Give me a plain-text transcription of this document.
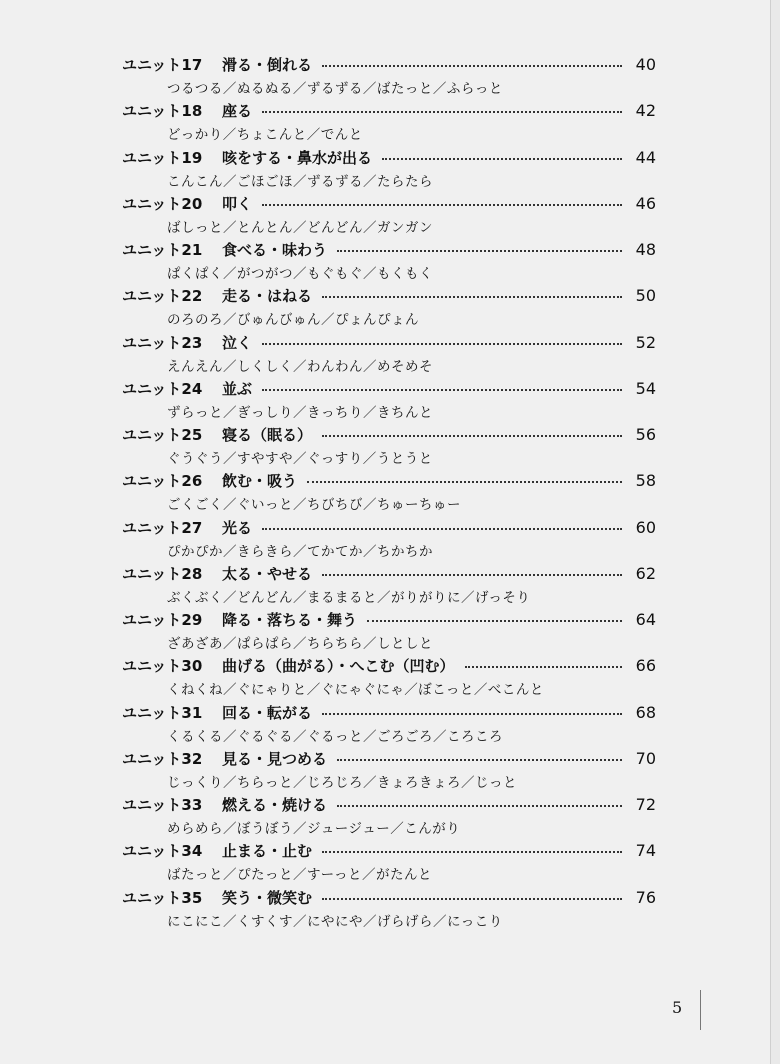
ユニット17	滑る・倒れる	40
つるつる／ぬるぬる／ずるずる／ばたっと／ふらっと
ユニット18	座る	42
どっかり／ちょこんと／でんと
ユニット19	咳をする・鼻水が出る	44
こんこん／ごほごほ／ずるずる／たらたら
ユニット20	叩く	46
ばしっと／とんとん／どんどん／ガンガン
ユニット21	食べる・味わう	48
ぱくぱく／がつがつ／もぐもぐ／もくもく
ユニット22	走る・はねる	50
のろのろ／びゅんびゅん／ぴょんぴょん
ユニット23	泣く	52
えんえん／しくしく／わんわん／めそめそ
ユニット24	並ぶ	54
ずらっと／ぎっしり／きっちり／きちんと
ユニット25	寝る（眠る）	56
ぐうぐう／すやすや／ぐっすり／うとうと
ユニット26	飲む・吸う	58
ごくごく／ぐいっと／ちびちび／ちゅーちゅー
ユニット27	光る	60
ぴかぴか／きらきら／てかてか／ちかちか
ユニット28	太る・やせる	62
ぶくぶく／どんどん／まるまると／がりがりに／げっそり
ユニット29	降る・落ちる・舞う	64
ざあざあ／ぱらぱら／ちらちら／しとしと
ユニット30	曲げる（曲がる）・へこむ（凹む）	66
くねくね／ぐにゃりと／ぐにゃぐにゃ／ぼこっと／べこんと
ユニット31	回る・転がる	68
くるくる／ぐるぐる／ぐるっと／ごろごろ／ころころ
ユニット32	見る・見つめる	70
じっくり／ちらっと／じろじろ／きょろきょろ／じっと
ユニット33	燃える・焼ける	72
めらめら／ぼうぼう／ジュージュー／こんがり
ユニット34	止まる・止む	74
ばたっと／ぴたっと／すーっと／がたんと
ユニット35	笑う・微笑む	76
にこにこ／くすくす／にやにや／げらげら／にっこり
5
